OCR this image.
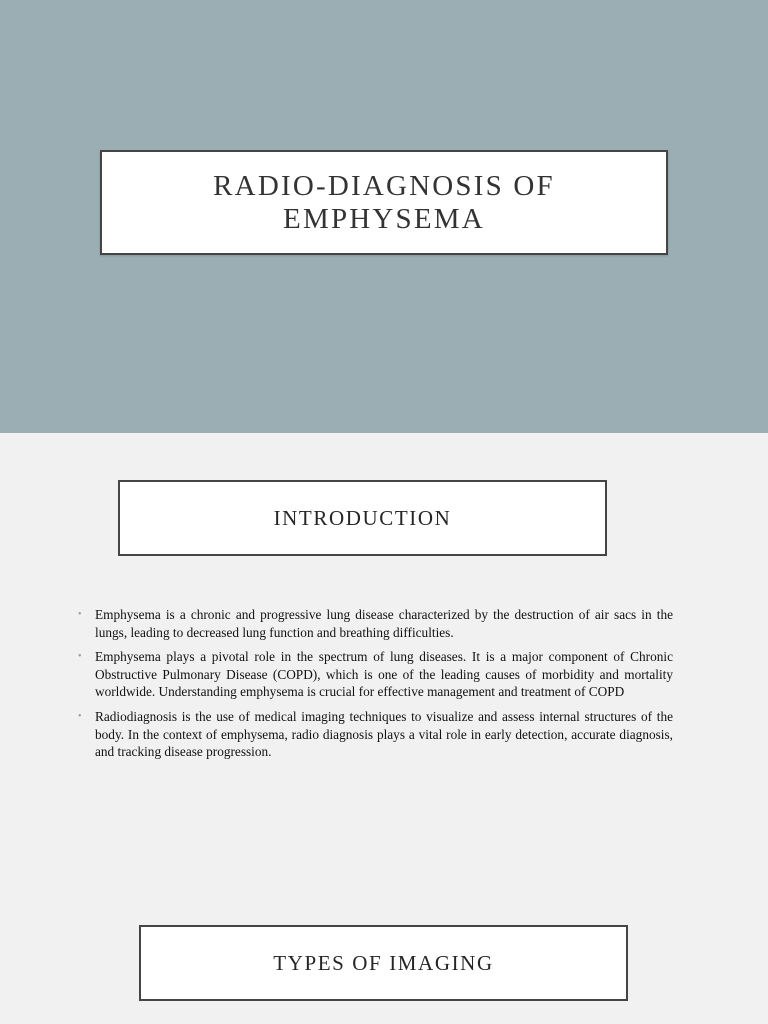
RADIO-DIAGNOSIS OF EMPHYSEMA
INTRODUCTION
• Emphysema is a chronic and progressive lung disease characterized by the destruction of air sacs in the lungs, leading to decreased lung function and breathing difficulties.
• Emphysema plays a pivotal role in the spectrum of lung diseases. It is a major component of Chronic Obstructive Pulmonary Disease (COPD), which is one of the leading causes of morbidity and mortality worldwide. Understanding emphysema is crucial for effective management and treatment of COPD
• Radiodiagnosis is the use of medical imaging techniques to visualize and assess internal structures of the body. In the context of emphysema, radio diagnosis plays a vital role in early detection, accurate diagnosis, and tracking disease progression.
TYPES OF IMAGING
